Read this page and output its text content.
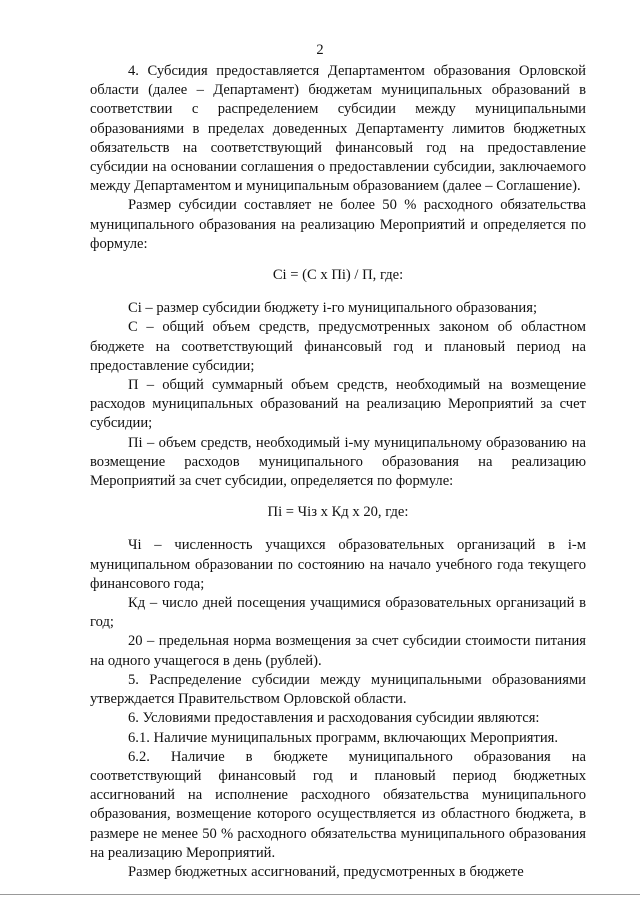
2

4. Субсидия предоставляется Департаментом образования Орловской области (далее – Департамент) бюджетам муниципальных образований в соответствии с распределением субсидии между муниципальными образованиями в пределах доведенных Департаменту лимитов бюджетных обязательств на соответствующий финансовый год на предоставление субсидии на основании соглашения о предоставлении субсидии, заключаемого между Департаментом и муниципальным образованием (далее – Соглашение).

Размер субсидии составляет не более 50 % расходного обязательства муниципального образования на реализацию Мероприятий и определяется по формуле:

Сi = (С х Пi) / П, где:

Сi – размер субсидии бюджету i-го муниципального образования;

С – общий объем средств, предусмотренных законом об областном бюджете на соответствующий финансовый год и плановый период на предоставление субсидии;

П – общий суммарный объем средств, необходимый на возмещение расходов муниципальных образований на реализацию Мероприятий за счет субсидии;

Пi – объем средств, необходимый i-му муниципальному образованию на возмещение расходов муниципального образования на реализацию Мероприятий за счет субсидии, определяется по формуле:

Пi = Чiз х Кд х 20, где:

Чi – численность учащихся образовательных организаций в i-м муниципальном образовании по состоянию на начало учебного года текущего финансового года;

Кд – число дней посещения учащимися образовательных организаций в год;

20 – предельная норма возмещения за счет субсидии стоимости питания на одного учащегося в день (рублей).

5. Распределение субсидии между муниципальными образованиями утверждается Правительством Орловской области.

6. Условиями предоставления и расходования субсидии являются:

6.1. Наличие муниципальных программ, включающих Мероприятия.

6.2. Наличие в бюджете муниципального образования на соответствующий финансовый год и плановый период бюджетных ассигнований на исполнение расходного обязательства муниципального образования, возмещение которого осуществляется из областного бюджета, в размере не менее 50 % расходного обязательства муниципального образования на реализацию Мероприятий.

Размер бюджетных ассигнований, предусмотренных в бюджете
